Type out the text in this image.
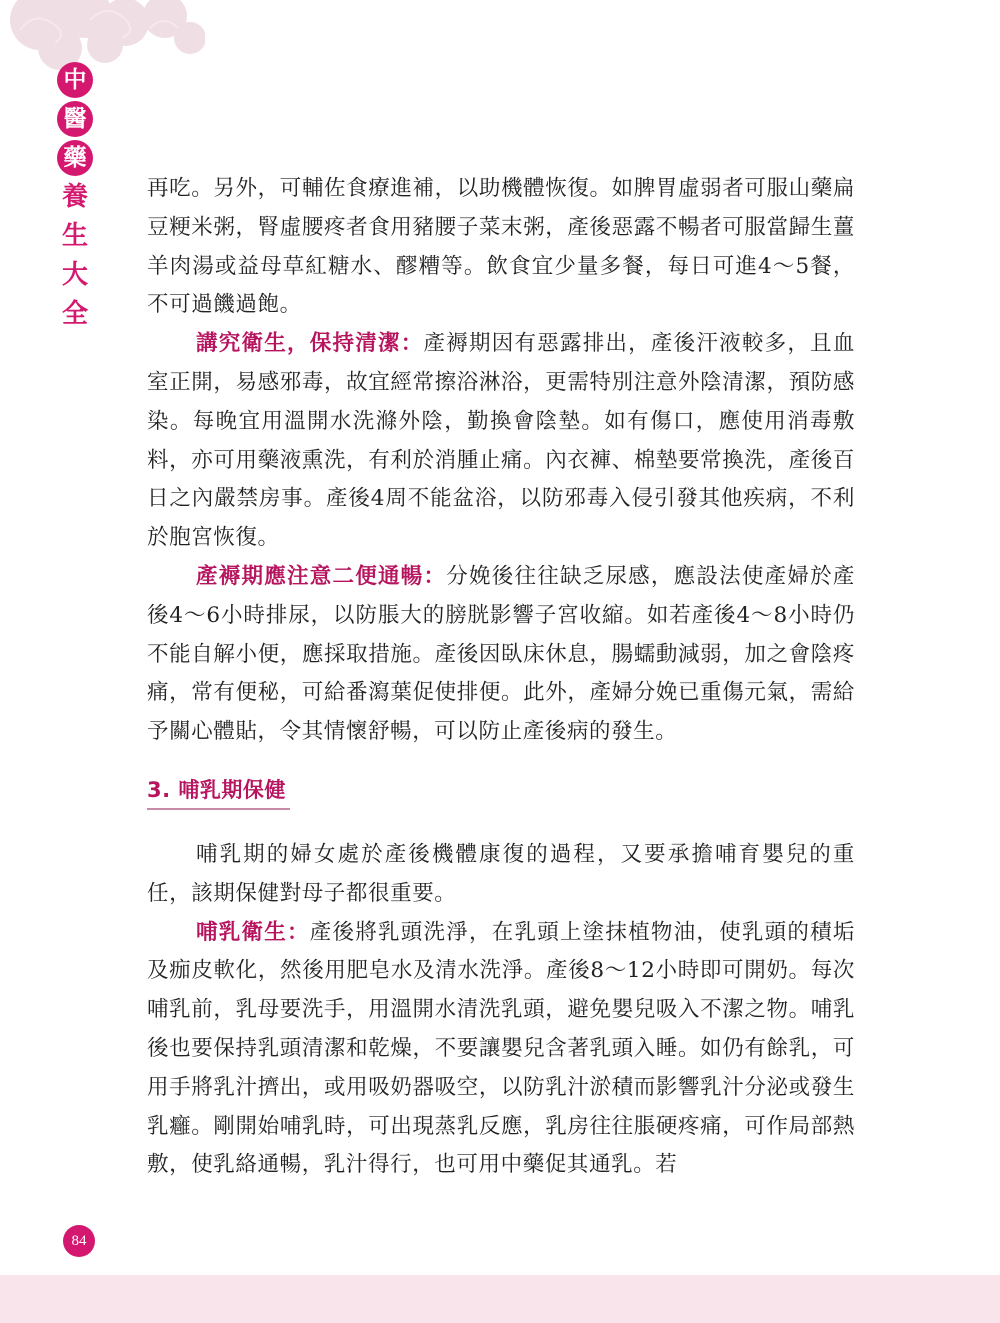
中
醫
藥
養
生
大
全

再吃。另外，可輔佐食療進補，以助機體恢復。如脾胃虛弱者可服山藥扁豆粳米粥，腎虛腰疼者食用豬腰子菜末粥，產後惡露不暢者可服當歸生薑羊肉湯或益母草紅糖水、醪糟等。飲食宜少量多餐，每日可進4～5餐，不可過饑過飽。

講究衛生，保持清潔：產褥期因有惡露排出，產後汗液較多，且血室正開，易感邪毒，故宜經常擦浴淋浴，更需特別注意外陰清潔，預防感染。每晚宜用溫開水洗滌外陰，勤換會陰墊。如有傷口，應使用消毒敷料，亦可用藥液熏洗，有利於消腫止痛。內衣褲、棉墊要常換洗，產後百日之內嚴禁房事。產後4周不能盆浴，以防邪毒入侵引發其他疾病，不利於胞宮恢復。

產褥期應注意二便通暢：分娩後往往缺乏尿感，應設法使產婦於產後4～6小時排尿，以防脹大的膀胱影響子宮收縮。如若產後4～8小時仍不能自解小便，應採取措施。產後因臥床休息，腸蠕動減弱，加之會陰疼痛，常有便秘，可給番瀉葉促使排便。此外，產婦分娩已重傷元氣，需給予關心體貼，令其情懷舒暢，可以防止產後病的發生。

3. 哺乳期保健

哺乳期的婦女處於產後機體康復的過程，又要承擔哺育嬰兒的重任，該期保健對母子都很重要。

哺乳衛生：產後將乳頭洗淨，在乳頭上塗抹植物油，使乳頭的積垢及痂皮軟化，然後用肥皂水及清水洗淨。產後8～12小時即可開奶。每次哺乳前，乳母要洗手，用溫開水清洗乳頭，避免嬰兒吸入不潔之物。哺乳後也要保持乳頭清潔和乾燥，不要讓嬰兒含著乳頭入睡。如仍有餘乳，可用手將乳汁擠出，或用吸奶器吸空，以防乳汁淤積而影響乳汁分泌或發生乳癰。剛開始哺乳時，可出現蒸乳反應，乳房往往脹硬疼痛，可作局部熱敷，使乳絡通暢，乳汁得行，也可用中藥促其通乳。若

84
